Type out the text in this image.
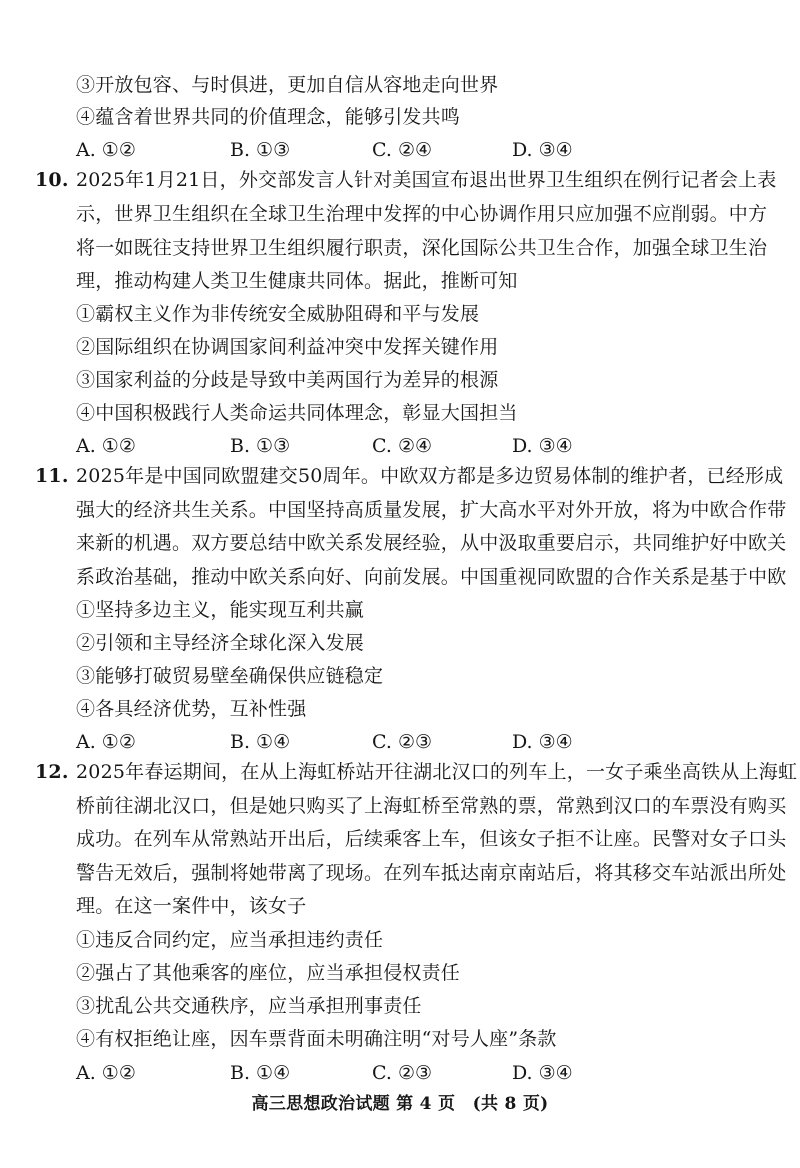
③开放包容、与时俱进，更加自信从容地走向世界
④蕴含着世界共同的价值理念，能够引发共鸣
A. ①②	B. ①③	C. ②④	D. ③④
10. 2025年1月21日，外交部发言人针对美国宣布退出世界卫生组织在例行记者会上表
示，世界卫生组织在全球卫生治理中发挥的中心协调作用只应加强不应削弱。中方
将一如既往支持世界卫生组织履行职责，深化国际公共卫生合作，加强全球卫生治
理，推动构建人类卫生健康共同体。据此，推断可知
①霸权主义作为非传统安全威胁阻碍和平与发展
②国际组织在协调国家间利益冲突中发挥关键作用
③国家利益的分歧是导致中美两国行为差异的根源
④中国积极践行人类命运共同体理念，彰显大国担当
A. ①②	B. ①③	C. ②④	D. ③④
11. 2025年是中国同欧盟建交50周年。中欧双方都是多边贸易体制的维护者，已经形成
强大的经济共生关系。中国坚持高质量发展，扩大高水平对外开放，将为中欧合作带
来新的机遇。双方要总结中欧关系发展经验，从中汲取重要启示，共同维护好中欧关
系政治基础，推动中欧关系向好、向前发展。中国重视同欧盟的合作关系是基于中欧
①坚持多边主义，能实现互利共赢
②引领和主导经济全球化深入发展
③能够打破贸易壁垒确保供应链稳定
④各具经济优势，互补性强
A. ①②	B. ①④	C. ②③	D. ③④
12. 2025年春运期间，在从上海虹桥站开往湖北汉口的列车上，一女子乘坐高铁从上海虹
桥前往湖北汉口，但是她只购买了上海虹桥至常熟的票，常熟到汉口的车票没有购买
成功。在列车从常熟站开出后，后续乘客上车，但该女子拒不让座。民警对女子口头
警告无效后，强制将她带离了现场。在列车抵达南京南站后，将其移交车站派出所处
理。在这一案件中，该女子
①违反合同约定，应当承担违约责任
②强占了其他乘客的座位，应当承担侵权责任
③扰乱公共交通秩序，应当承担刑事责任
④有权拒绝让座，因车票背面未明确注明“对号人座”条款
A. ①②	B. ①④	C. ②③	D. ③④
高三思想政治试题 第 4 页　(共 8 页)
